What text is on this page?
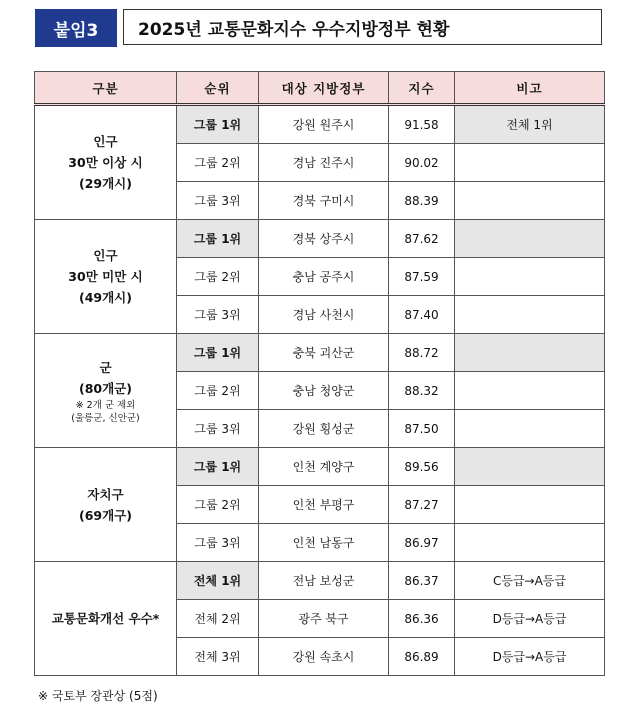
붙임3	2025년 교통문화지수 우수지방정부 현황
구분	순위	대상 지방정부	지수	비고

인구
30만 이상 시
(29개시)	그룹 1위	강원 원주시	91.58	전체 1위
	그룹 2위	경남 진주시	90.02	
	그룹 3위	경북 구미시	88.39	

인구
30만 미만 시
(49개시)	그룹 1위	경북 상주시	87.62	
	그룹 2위	충남 공주시	87.59	
	그룹 3위	경남 사천시	87.40	

군
(80개군)
※ 2개 군 제외
(울릉군, 신안군)	그룹 1위	충북 괴산군	88.72	
	그룹 2위	충남 청양군	88.32	
	그룹 3위	강원 횡성군	87.50	

자치구
(69개구)	그룹 1위	인천 계양구	89.56	
	그룹 2위	인천 부평구	87.27	
	그룹 3위	인천 남동구	86.97	

교통문화개선 우수*	전체 1위	전남 보성군	86.37	C등급→A등급
	전체 2위	광주 북구	86.36	D등급→A등급
	전체 3위	강원 속초시	86.89	D등급→A등급
※ 국토부 장관상 (5점)
